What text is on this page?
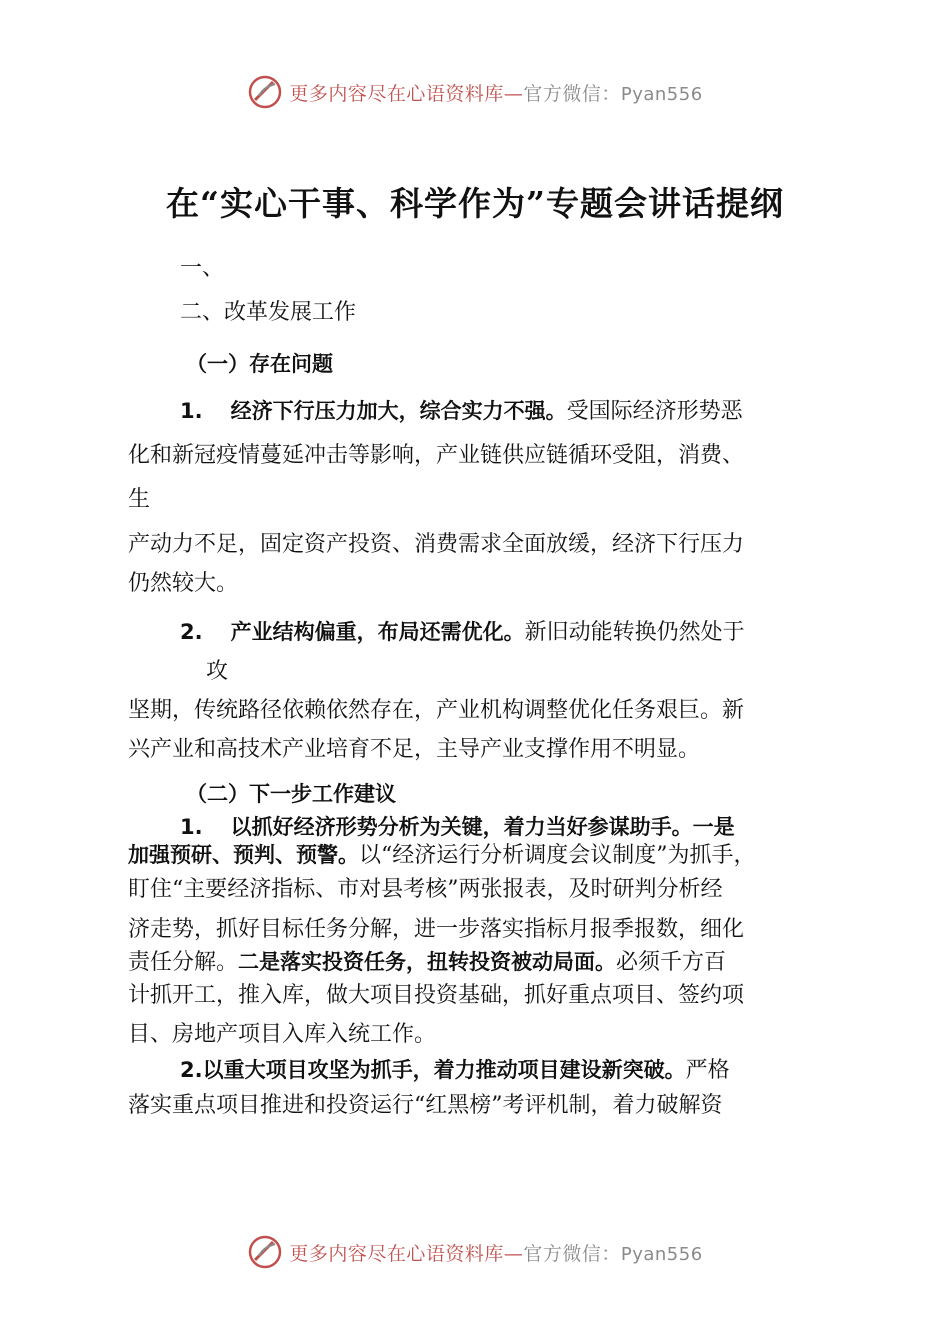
更多内容尽在心语资料库—官方微信：Pyan556
在“实心干事、科学作为”专题会讲话提纲
一、
二、改革发展工作
（一）存在问题
1. 经济下行压力加大，综合实力不强。受国际经济形势恶
化和新冠疫情蔓延冲击等影响，产业链供应链循环受阻，消费、
生
产动力不足，固定资产投资、消费需求全面放缓，经济下行压力
仍然较大。
2. 产业结构偏重，布局还需优化。新旧动能转换仍然处于
攻
坚期，传统路径依赖依然存在，产业机构调整优化任务艰巨。新
兴产业和高技术产业培育不足，主导产业支撑作用不明显。
（二）下一步工作建议
1. 以抓好经济形势分析为关键，着力当好参谋助手。一是
加强预研、预判、预警。以“经济运行分析调度会议制度”为抓手，
盯住“主要经济指标、市对县考核”两张报表，及时研判分析经
济走势，抓好目标任务分解，进一步落实指标月报季报数，细化
责任分解。二是落实投资任务，扭转投资被动局面。必须千方百
计抓开工，推入库，做大项目投资基础，抓好重点项目、签约项
目、房地产项目入库入统工作。
2.以重大项目攻坚为抓手，着力推动项目建设新突破。严格
落实重点项目推进和投资运行“红黑榜”考评机制，着力破解资
更多内容尽在心语资料库—官方微信：Pyan556
